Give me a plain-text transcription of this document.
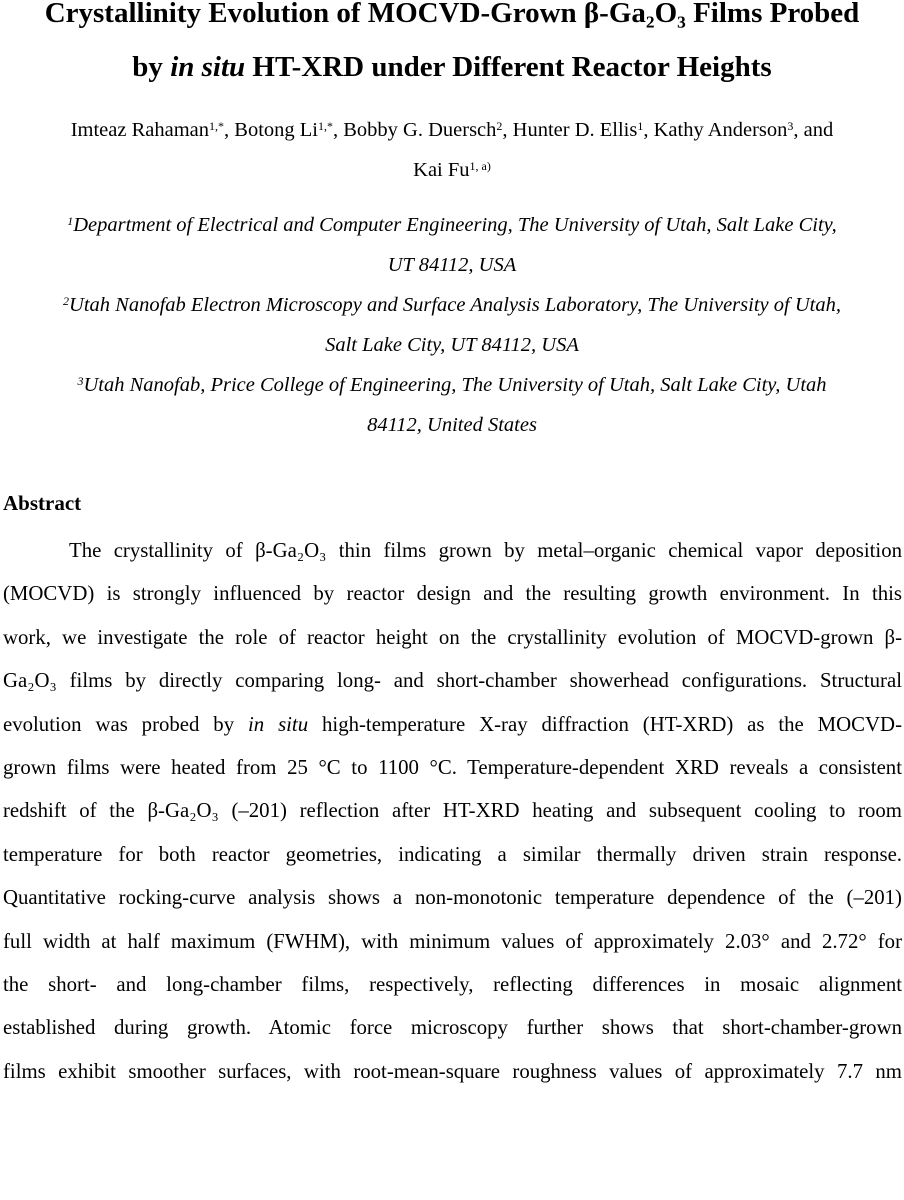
Crystallinity Evolution of MOCVD-Grown β-Ga₂O₃ Films Probed
by in situ HT-XRD under Different Reactor Heights
Imteaz Rahaman$^{1,*}$, Botong $Li^{1,*}$, Bobby G. Duersch$^2$, Hunter D. Ellis$^1$, Kathy Anderson$^3$, and
Kai Fu$^{1, a)}$
$^1$Department of Electrical and Computer Engineering, The University of Utah, Salt Lake City,
UT 84112, USA
$^2$Utah Nanofab Electron Microscopy and Surface Analysis Laboratory, The University of Utah,
Salt Lake City, UT 84112, USA
$^3$Utah Nanofab, Price College of Engineering, The University of Utah, Salt Lake City, Utah
84112, United States
Abstract
The crystallinity of β-Ga₂O₃ thin films grown by metal–organic chemical vapor deposition
(MOCVD) is strongly influenced by reactor design and the resulting growth environment. In this
work, we investigate the role of reactor height on the crystallinity evolution of MOCVD-grown β-
Ga₂O₃ films by directly comparing long- and short-chamber showerhead configurations. Structural
evolution was probed by in situ high-temperature X-ray diffraction (HT-XRD) as the MOCVD-
grown films were heated from 25 °C to 1100 °C. Temperature-dependent XRD reveals a consistent
redshift of the β-Ga₂O₃ (–201) reflection after HT-XRD heating and subsequent cooling to room
temperature for both reactor geometries, indicating a similar thermally driven strain response.
Quantitative rocking-curve analysis shows a non-monotonic temperature dependence of the (–201)
full width at half maximum (FWHM), with minimum values of approximately 2.03° and 2.72° for
the short- and long-chamber films, respectively, reflecting differences in mosaic alignment
established during growth. Atomic force microscopy further shows that short-chamber-grown
films exhibit smoother surfaces, with root-mean-square roughness values of approximately 7.7 nm
